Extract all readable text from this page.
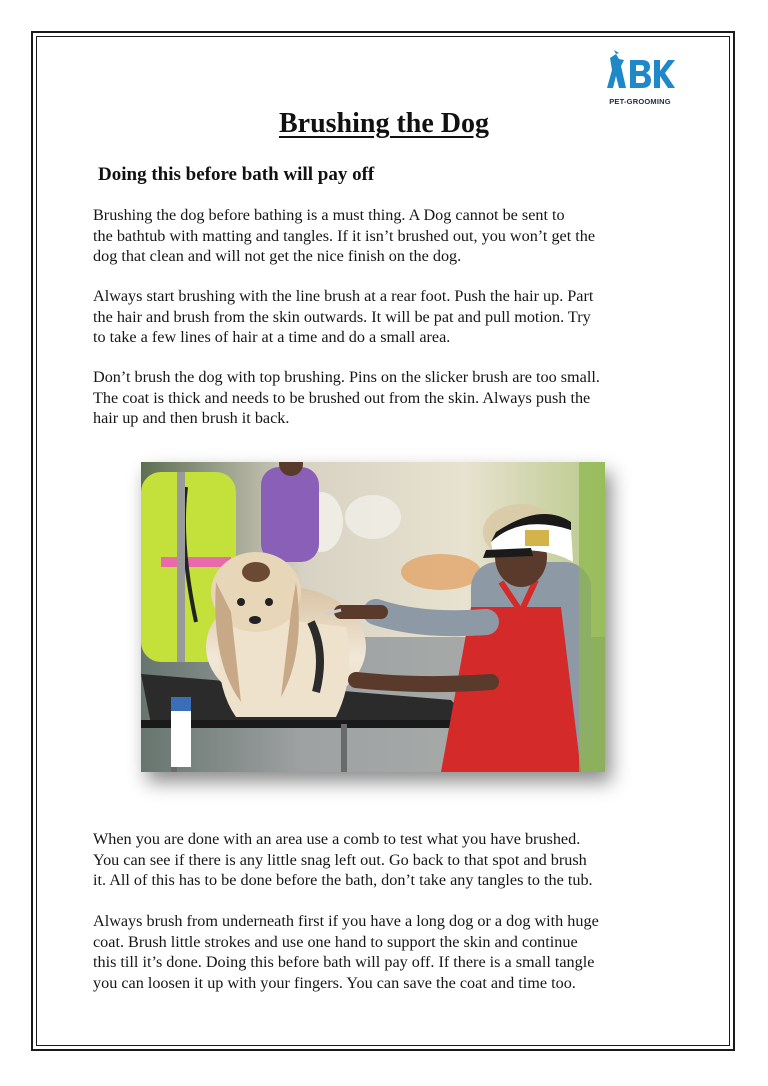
PET-GROOMING
Brushing the Dog
Doing this before bath will pay off

Brushing the dog before bathing is a must thing. A Dog cannot be sent to
the bathtub with matting and tangles. If it isn’t brushed out, you won’t get the
dog that clean and will not get the nice finish on the dog.

Always start brushing with the line brush at a rear foot. Push the hair up. Part
the hair and brush from the skin outwards. It will be pat and pull motion. Try
to take a few lines of hair at a time and do a small area.

Don’t brush the dog with top brushing. Pins on the slicker brush are too small.
The coat is thick and needs to be brushed out from the skin. Always push the
hair up and then brush it back.

When you are done with an area use a comb to test what you have brushed.
You can see if there is any little snag left out. Go back to that spot and brush
it. All of this has to be done before the bath, don’t take any tangles to the tub.

Always brush from underneath first if you have a long dog or a dog with huge
coat. Brush little strokes and use one hand to support the skin and continue
this till it’s done. Doing this before bath will pay off. If there is a small tangle
you can loosen it up with your fingers. You can save the coat and time too.
